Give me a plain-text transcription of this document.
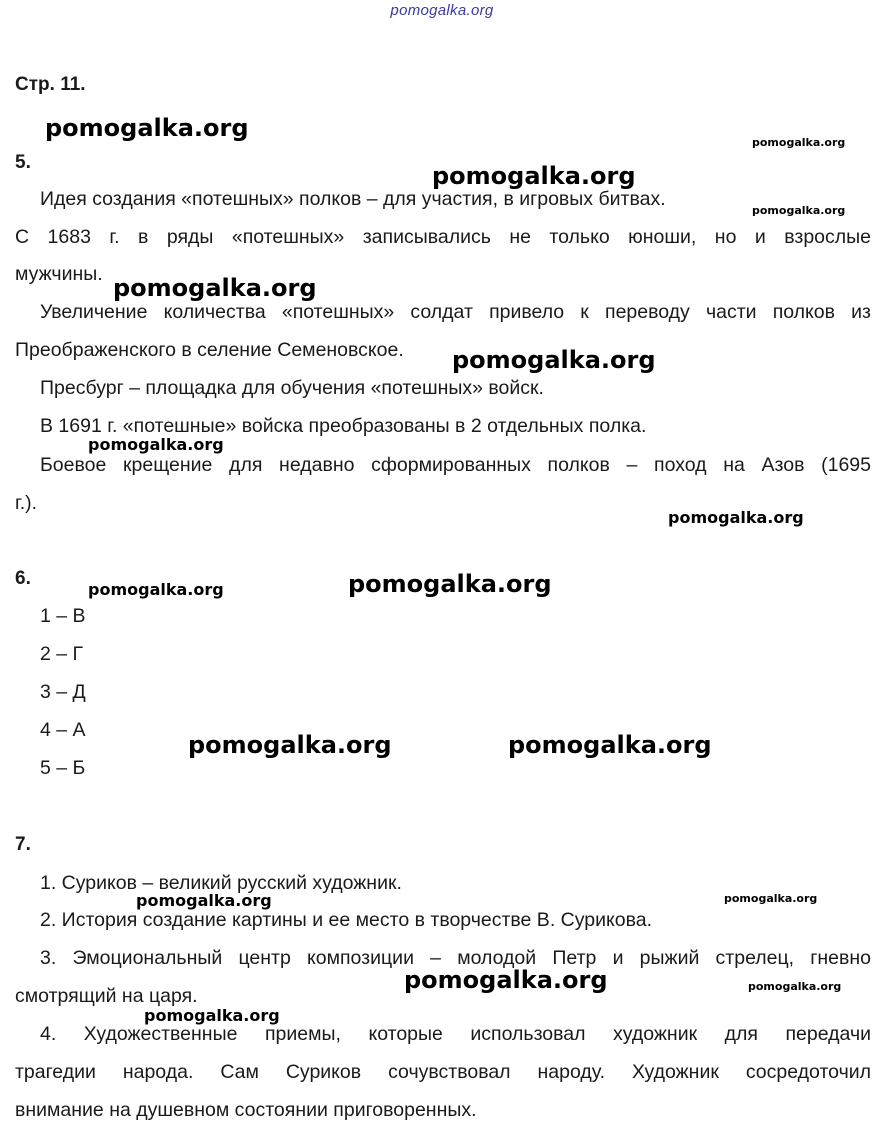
pomogalka.org
Стр. 11.
5.
Идея создания «потешных» полков – для участия, в игровых битвах.
С 1683 г. в ряды «потешных» записывались не только юноши, но и взрослые
мужчины.
Увеличение количества «потешных» солдат привело к переводу части полков из
Преображенского в селение Семеновское.
Пресбург – площадка для обучения «потешных» войск.
В 1691 г. «потешные» войска преобразованы в 2 отдельных полка.
Боевое крещение для недавно сформированных полков – поход на Азов (1695
г.).
6.
1 – В
2 – Г
3 – Д
4 – А
5 – Б
7.
1. Суриков – великий русский художник.
2. История создание картины и ее место в творчестве В. Сурикова.
3. Эмоциональный центр композиции – молодой Петр и рыжий стрелец, гневно
смотрящий на царя.
4. Художественные приемы, которые использовал художник для передачи
трагедии народа. Сам Суриков сочувствовал народу. Художник сосредоточил
внимание на душевном состоянии приговоренных.
pomogalka.org
pomogalka.org
pomogalka.org
pomogalka.org
pomogalka.org
pomogalka.org
pomogalka.org
pomogalka.org
pomogalka.org	pomogalka.org
pomogalka.org	pomogalka.org
pomogalka.org	pomogalka.org
pomogalka.org	pomogalka.org
pomogalka.org
